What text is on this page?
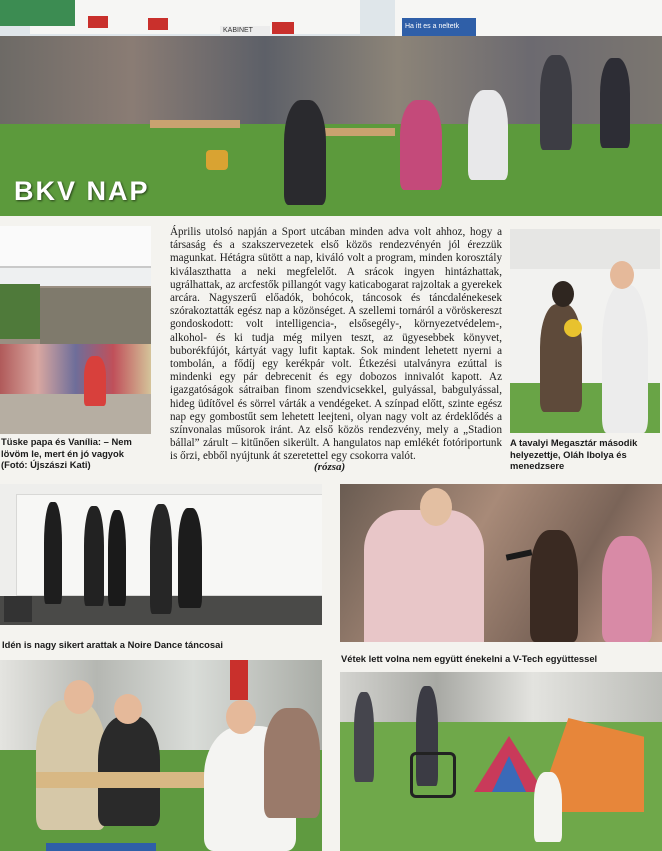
KABINET
Ha itt es a neltetk
BKV NAP
Április utolsó napján a Sport utcában minden adva volt ahhoz, hogy a társaság és a szakszervezetek első közös rendezvényén jól érezzük magunkat. Hétágra sütött a nap, kiváló volt a program, minden korosztály kiválaszthatta a neki megfelelőt. A srácok ingyen hintázhattak, ugrálhattak, az arcfestők pillangót vagy katicabogarat rajzoltak a gyerekek arcára. Nagyszerű előadók, bohócok, táncosok és táncdalénekesek szórakoztatták egész nap a közönséget. A szellemi tornáról a vöröskereszt gondoskodott: volt intelligencia-, elsősegély-, környezetvédelem-, alkohol- és ki tudja még milyen teszt, az ügyesebbek könyvet, buborékfújót, kártyát vagy lufit kaptak. Sok mindent lehetett nyerni a tombolán, a fődíj egy kerékpár volt. Étkezési utalványra ezúttal is mindenki egy pár debrecenit és egy dobozos innivalót kapott. Az igazgatóságok sátraiban finom szendvicsekkel, gulyással, babgulyással, hideg üdítővel és sörrel várták a vendégeket. A színpad előtt, szinte egész nap egy gombostűt sem lehetett leejteni, olyan nagy volt az érdeklődés a színvonalas műsorok iránt. Az első közös rendezvény, mely a „Stadion bállal” zárult – kitűnően sikerült. A hangulatos nap emlékét fotóriportunk is őrzi, ebből nyújtunk át szeretettel egy csokorra valót.
(rózsa)
Tüske papa és Vanília: – Nem lövöm le, mert én jó vagyok (Fotó: Újszászi Kati)
A tavalyi Megasztár második helyezettje, Oláh Ibolya és menedzsere
Idén is nagy sikert arattak a Noire Dance táncosai
Vétek lett volna nem együtt énekelni a V-Tech együttessel
